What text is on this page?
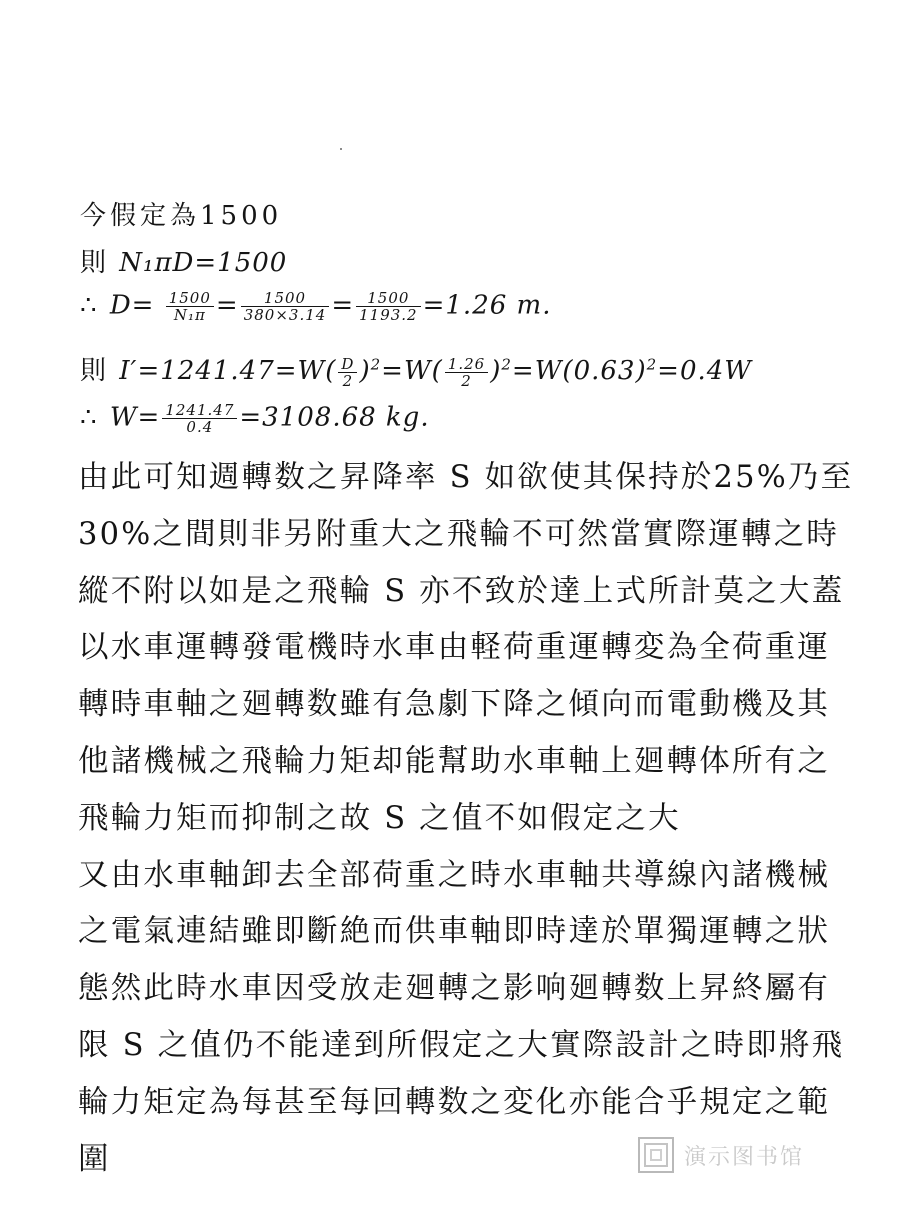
今假定為1500
則 N₁πD=1500
∴ $D= \frac{1500}{\text{N₁π}} = \frac{1500}{380\times 3.14} = \frac{1500}{1193.2} =1.26$ m.
則 $I'=1241.47=W( \frac{D}{2} )^2=W( \frac{1.26}{2} )^2=W(0.63)^2=0.4W$
∴ $W= \frac{1241.47}{0.4} =3108.68$ kg.
由此可知週轉数之昇降率 S 如欲使其保持於25%乃至
30%之間則非另附重大之飛輪不可然當實際運轉之時
縱不附以如是之飛輪 S 亦不致於達上式所計莫之大蓋
以水車運轉發電機時水車由軽荷重運轉変為全荷重運
轉時車軸之廻轉数雖有急劇下降之傾向而電動機及其
他諸機械之飛輪力矩却能幫助水車軸上廻轉体所有之
飛輪力矩而抑制之故 S 之值不如假定之大
又由水車軸卸去全部荷重之時水車軸共導線內諸機械
之電氣連結雖即斷絶而供車軸即時達於單獨運轉之狀
態然此時水車因受放走廻轉之影响廻轉数上昇終屬有
限 S 之值仍不能達到所假定之大實際設計之時即將飛
輪力矩定為每甚至每回轉数之変化亦能合乎規定之範
圍	演示图书馆
